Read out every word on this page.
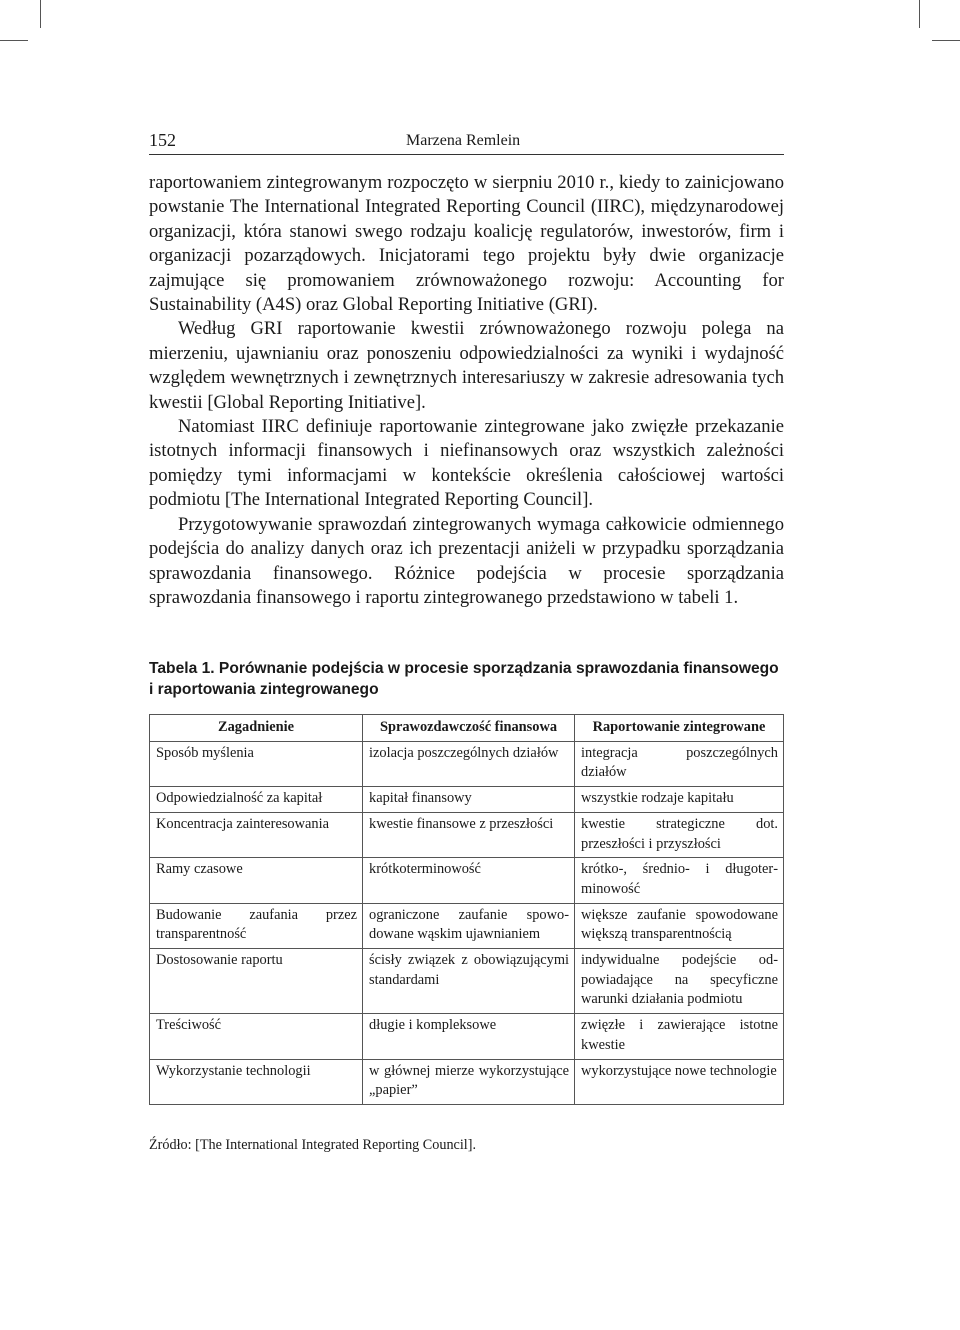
152	Marzena Remlein

raportowaniem zintegrowanym rozpoczęto w sierpniu 2010 r., kiedy to zainicjowano powstanie The International Integrated Reporting Council (IIRC), międzynarodowej organizacji, która stanowi swego rodzaju koalicję regulatorów, inwestorów, firm i organizacji pozarządowych. Inicjatorami tego projektu były dwie organizacje zajmujące się promowaniem zrównoważonego rozwoju: Accounting for Sustainability (A4S) oraz Global Reporting Initiative (GRI).

Według GRI raportowanie kwestii zrównoważonego rozwoju polega na mierzeniu, ujawnianiu oraz ponoszeniu odpowiedzialności za wyniki i wydajność względem wewnętrznych i zewnętrznych interesariuszy w zakresie adresowania tych kwestii [Global Reporting Initiative].

Natomiast IIRC definiuje raportowanie zintegrowane jako zwięzłe przekazanie istotnych informacji finansowych i niefinansowych oraz wszystkich zależności pomiędzy tymi informacjami w kontekście określenia całościowej wartości podmiotu [The International Integrated Reporting Council].

Przygotowywanie sprawozdań zintegrowanych wymaga całkowicie odmiennego podejścia do analizy danych oraz ich prezentacji aniżeli w przypadku sporządzania sprawozdania finansowego. Różnice podejścia w procesie sporządzania sprawozdania finansowego i raportu zintegrowanego przedstawiono w tabeli 1.

Tabela 1. Porównanie podejścia w procesie sporządzania sprawozdania finansowego i raportowania zintegrowanego
Zagadnienie	Sprawozdawczość finansowa	Raportowanie zintegrowane
Sposób myślenia	izolacja poszczególnych działów	integracja poszczególnych działów
Odpowiedzialność za kapitał	kapitał finansowy	wszystkie rodzaje kapitału
Koncentracja zainteresowania	kwestie finansowe z przeszłości	kwestie strategiczne dot. przeszłości i przyszłości
Ramy czasowe	krótkoterminowość	krótko-, średnio- i długoterminowość
Budowanie zaufania przez transparentność	ograniczone zaufanie spowodowane wąskim ujawnianiem	większe zaufanie spowodowane większą transparentnością
Dostosowanie raportu	ścisły związek z obowiązującymi standardami	indywidualne podejście odpowiadające na specyficzne warunki działania podmiotu
Treściwość	długie i kompleksowe	zwięzłe i zawierające istotne kwestie
Wykorzystanie technologii	w głównej mierze wykorzystujące „papier”	wykorzystujące nowe technologie
Źródło: [The International Integrated Reporting Council].
